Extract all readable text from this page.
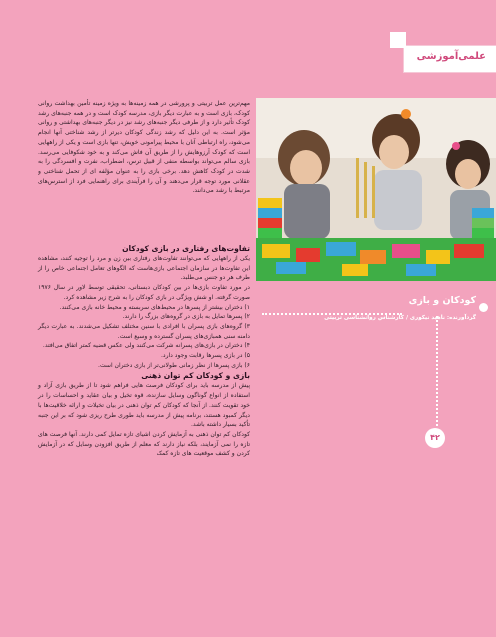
علمی‌آموزشی
کودکان و بازی
گردآورنده: ناهید نیکوری / کارشناس روانشناسی تربیتی
۴۲

مهم‌ترین عمل تربیتی و پرورشی در همه زمینه‌ها به ویژه زمینه تأمین بهداشت روانی کودک، بازی است و به عبارت دیگر بازی، مدرسه کودک است و در همه جنبه‌های رشد کودک تأثیر دارد و از طرفی دیگر جنبه‌های رشد نیز در دیگر جنبه‌های بهداشتی و روانی مؤثر است. به این دلیل که رشد زندگی کودکان دیرتر از رشد شناختی آنها انجام می‌شود، راه ارتباطی آنان با محیط پیرامونی خویش، تنها بازی است و یکی از راههایی است که کودک آرزوهایش را از طریق آن فاش می‌کند و به خود شکوفایی می‌رسد. بازی سالم می‌تواند بواسطه منفی از قبیل ترس، اضطراب، نفرت و افسردگی را به شدت در کودک کاهش دهد. برخی بازی را به عنوان مؤلفه ای از تحمل شناختی و عقلانی مورد توجه قرار می‌دهند و آن را فرآیندی برای راهنمایی فرد از استرس‌های مرتبط با رشد می‌دانند.

تفاوت‌های رفتاری در بازی کودکان

یکی از راههایی که می‌توانند تفاوت‌های رفتاری بین زن و مرد را توجیه کنند، مشاهده این تفاوت‌ها در سازمان اجتماعی بازی‌هاست که الگوهای تعامل اجتماعی خاص را از طرف هر دو جنس می‌طلبد.

در مورد تفاوت بازی‌ها در بین کودکان دبستانی، تحقیقی توسط لاور در سال ۱۹۷۶ صورت گرفته. او شش ویژگی در بازی کودکان را به شرح زیر مشاهده کرد.

۱) دختران بیشتر از پسرها در محیط‌های سربسته و محیط خانه بازی می‌کنند.

۲) پسرها تمایل به بازی در گروه‌های بزرگ را دارند.

۳) گروه‌های بازی پسران با افرادی با سنین مختلف تشکیل می‌شدند. به عبارت دیگر دامنه سنی همبازی‌های پسران گسترده و وسیع است.

۴) دختران در بازی‌های پسرانه شرکت می‌کنند ولی عکس قضیه کمتر اتفاق می‌افتد.

۵) در بازی پسرها رقابت وجود دارد.

۶) بازی پسرها از نظر زمانی طولانی‌تر از بازی دختران است.

بازی و کودکان کم توان ذهنی

پیش از مدرسه باید برای کودکان فرصت هایی فراهم شود تا از طریق بازی آزاد و استفاده از انواع گوناگون وسایل سازنده، قوه تخیل و بیان عقاید و احساسات را در خود تقویت کنند. از آنجا که کودکان کم توان ذهنی در بیان تخیلات و ارائه خلاقیت‌ها با دیگر کمبود هستند، برنامه پیش از مدرسه باید طوری طرح ریزی شود که بر این جنبه تأکید بسیار داشته باشد.

کودکان کم توان ذهنی به آزمایش کردن اشیای تازه تمایل کمی دارند. آنها فرصت های تازه را نمی آزمایند، بلکه نیاز دارند که معلم از طریق افزودن وسایل که در آزمایش کردن و کشف موقعیت های تازه کمک
